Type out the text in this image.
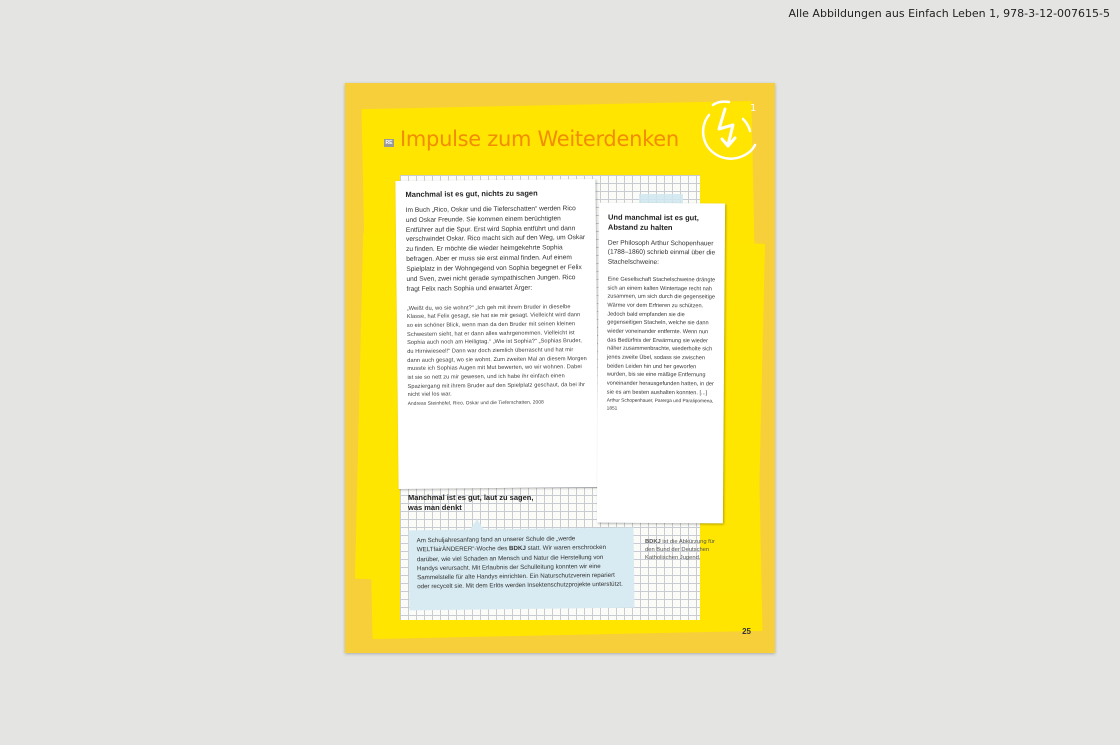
Alle Abbildungen aus Einfach Leben 1, 978-3-12-007615-5
RE Impulse zum Weiterdenken
1
Manchmal ist es gut, nichts zu sagen

Im Buch „Rico, Oskar und die Tieferschatten“ werden Rico und Oskar Freunde. Sie kommen einem berüchtigten Entführer auf die Spur. Erst wird Sophia entführt und dann verschwindet Oskar. Rico macht sich auf den Weg, um Oskar zu finden. Er möchte die wieder heimgekehrte Sophia befragen. Aber er muss sie erst einmal finden. Auf einem Spielplatz in der Wohngegend von Sophia begegnet er Felix und Sven, zwei nicht gerade sympathischen Jungen. Rico fragt Felix nach Sophia und erwartet Ärger:

„Weißt du, wo sie wohnt?“ „Ich geh mit ihrem Bruder in dieselbe Klasse, hat Felix gesagt, sie hat sie mir gesagt. Vielleicht wird dann so ein schöner Blick, wenn man da den Bruder mit seinen kleinen Schwestern sieht, hat er dann alles wahrgenommen. Vielleicht ist Sophia auch noch am Heiligtag.“ „Wie ist Sophia?“ „Sophias Bruder, du Hirniwieseel!“ Dann war doch ziemlich überrascht und hat mir dann auch gesagt, wo sie wohnt. Zum zweiten Mal an diesem Morgen musste ich Sophias Augen mit Mut bewerten, wo wir wohnen. Dabei ist sie so nett zu mir gewesen, und ich habe ihr einfach einen Spaziergang mit ihrem Bruder auf den Spielplatz geschaut, da bei ihr nicht viel los war.
Andreas Steinhöfel, Rico, Oskar und die Tieferschatten, 2008
Und manchmal ist es gut, Abstand zu halten

Der Philosoph Arthur Schopenhauer (1788–1860) schrieb einmal über die Stachelschweine:

Eine Gesellschaft Stachelschweine drängte sich an einem kalten Wintertage recht nah zusammen, um sich durch die gegenseitige Wärme vor dem Erfrieren zu schützen. Jedoch bald empfanden sie die gegenseitigen Stacheln, welche sie dann wieder voneinander entfernte. Wenn nun das Bedürfnis der Erwärmung sie wieder näher zusammenbrachte, wiederholte sich jenes zweite Übel, sodass sie zwischen beiden Leiden hin und her geworfen wurden, bis sie eine mäßige Entfernung voneinander herausgefunden hatten, in der sie es am besten aushalten konnten. [...]
Arthur Schopenhauer, Parerga und Paralipomena, 1851
Manchmal ist es gut, laut zu sagen, was man denkt

Am Schuljahresanfang fand an unserer Schule die „werde WELTfairÄNDERER“-Woche des BDKJ statt. Wir waren erschrocken darüber, wie viel Schaden an Mensch und Natur die Herstellung von Handys verursacht. Mit Erlaubnis der Schulleitung konnten wir eine Sammelstelle für alte Handys einrichten. Ein Naturschutzverein repariert oder recycelt sie. Mit dem Erlös werden Insektenschutzprojekte unterstützt.

BDKJ ist die Abkürzung für den Bund der Deutschen Katholischen Jugend.
25
